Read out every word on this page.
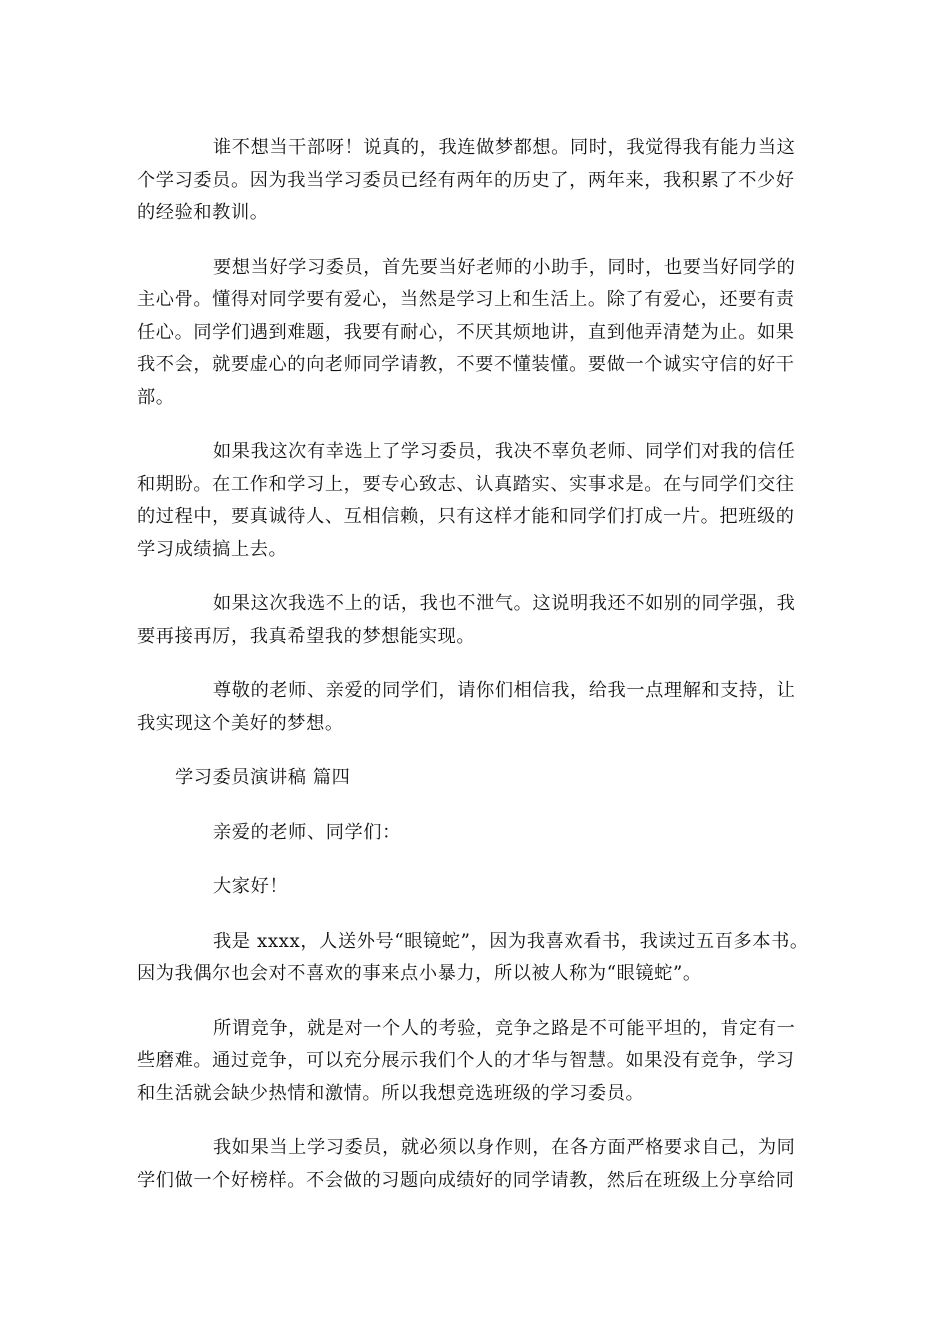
谁不想当干部呀！说真的，我连做梦都想。同时，我觉得我有能力当这
个学习委员。因为我当学习委员已经有两年的历史了，两年来，我积累了不少好
的经验和教训。

要想当好学习委员，首先要当好老师的小助手，同时，也要当好同学的
主心骨。懂得对同学要有爱心，当然是学习上和生活上。除了有爱心，还要有责
任心。同学们遇到难题，我要有耐心，不厌其烦地讲，直到他弄清楚为止。如果
我不会，就要虚心的向老师同学请教，不要不懂装懂。要做一个诚实守信的好干
部。

如果我这次有幸选上了学习委员，我决不辜负老师、同学们对我的信任
和期盼。在工作和学习上，要专心致志、认真踏实、实事求是。在与同学们交往
的过程中，要真诚待人、互相信赖，只有这样才能和同学们打成一片。把班级的
学习成绩搞上去。

如果这次我选不上的话，我也不泄气。这说明我还不如别的同学强，我
要再接再厉，我真希望我的梦想能实现。

尊敬的老师、亲爱的同学们，请你们相信我，给我一点理解和支持，让
我实现这个美好的梦想。

学习委员演讲稿 篇四

亲爱的老师、同学们：

大家好！

我是 xxxx，人送外号“眼镜蛇”，因为我喜欢看书，我读过五百多本书。
因为我偶尔也会对不喜欢的事来点小暴力，所以被人称为“眼镜蛇”。

所谓竞争，就是对一个人的考验，竞争之路是不可能平坦的，肯定有一
些磨难。通过竞争，可以充分展示我们个人的才华与智慧。如果没有竞争，学习
和生活就会缺少热情和激情。所以我想竞选班级的学习委员。

我如果当上学习委员，就必须以身作则，在各方面严格要求自己，为同
学们做一个好榜样。不会做的习题向成绩好的同学请教，然后在班级上分享给同
